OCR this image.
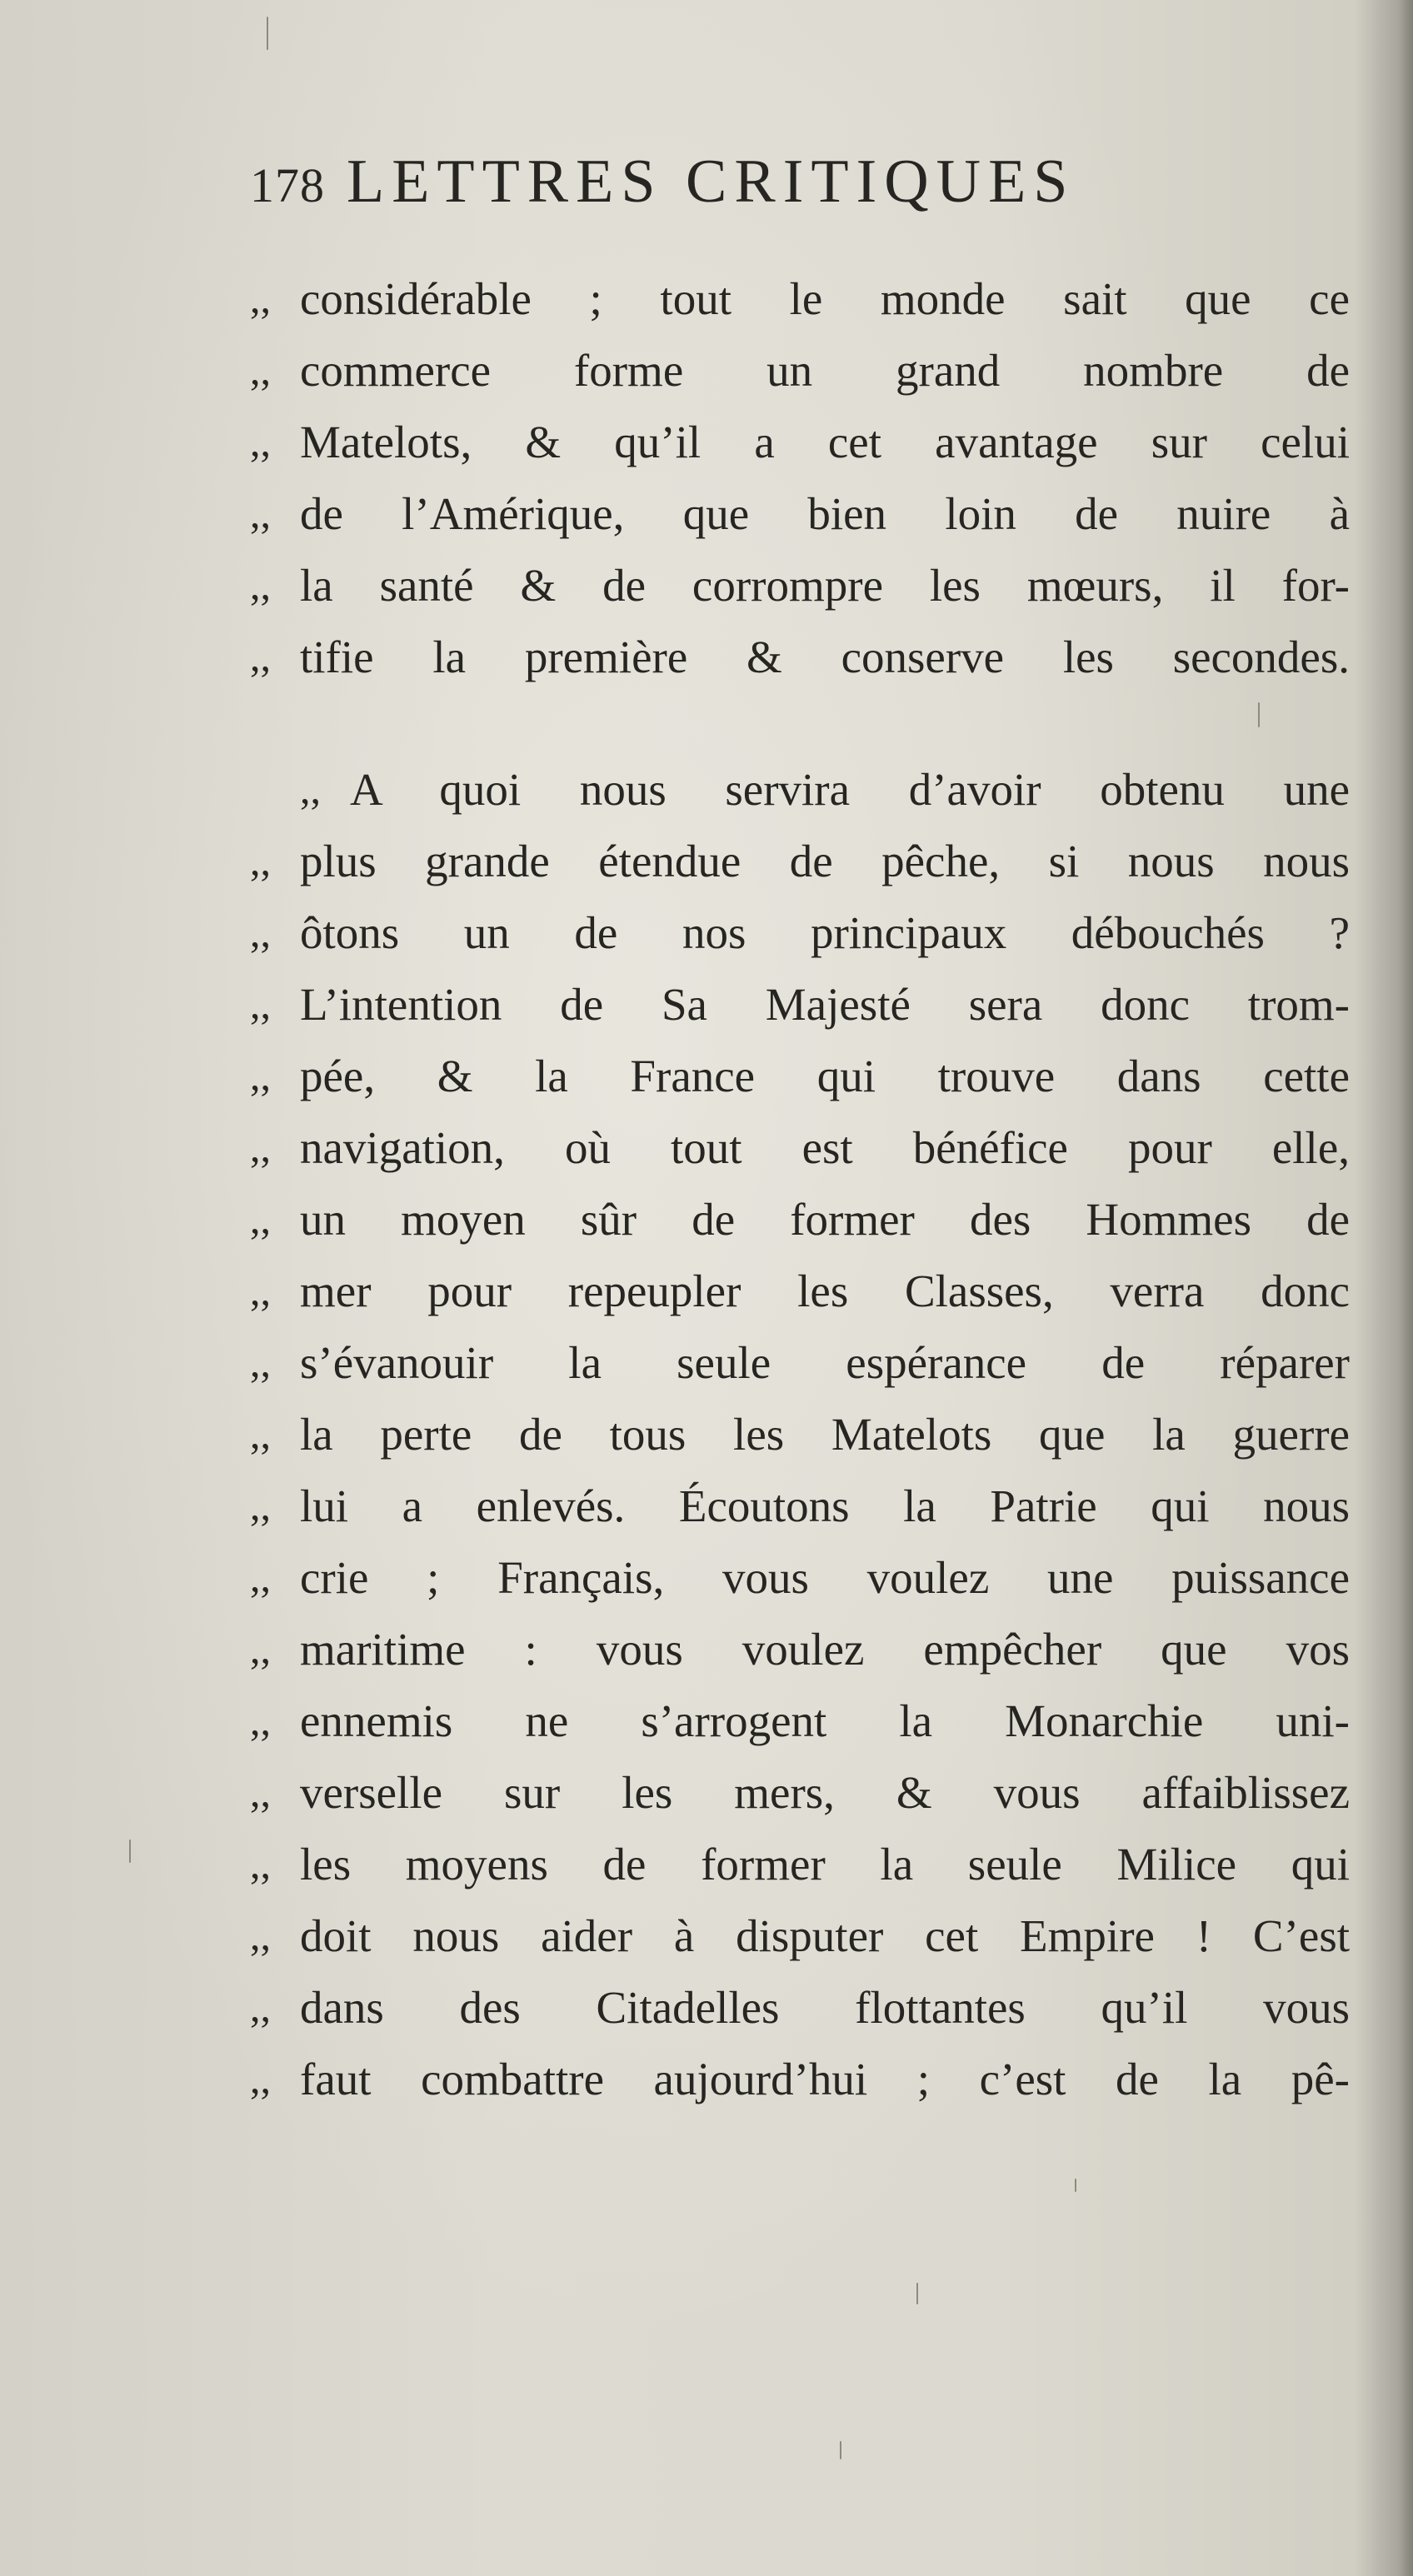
178 LETTRES CRITIQUES
,, considérable ; tout le monde sait que ce
,, commerce forme un grand nombre de
,, Matelots, & qu’il a cet avantage sur celui
,, de l’Amérique, que bien loin de nuire à
,, la santé & de corrompre les mœurs, il for-
,, tifie la première & conserve les secondes.
,, A quoi nous servira d’avoir obtenu une
,, plus grande étendue de pêche, si nous nous
,, ôtons un de nos principaux débouchés ?
,, L’intention de Sa Majesté sera donc trom-
,, pée, & la France qui trouve dans cette
,, navigation, où tout est bénéfice pour elle,
,, un moyen sûr de former des Hommes de
,, mer pour repeupler les Classes, verra donc
,, s’évanouir la seule espérance de réparer
,, la perte de tous les Matelots que la guerre
,, lui a enlevés. Écoutons la Patrie qui nous
,, crie ; Français, vous voulez une puissance
,, maritime : vous voulez empêcher que vos
,, ennemis ne s’arrogent la Monarchie uni-
,, verselle sur les mers, & vous affaiblissez
,, les moyens de former la seule Milice qui
,, doit nous aider à disputer cet Empire ! C’est
,, dans des Citadelles flottantes qu’il vous
,, faut combattre aujourd’hui ; c’est de la pê-
